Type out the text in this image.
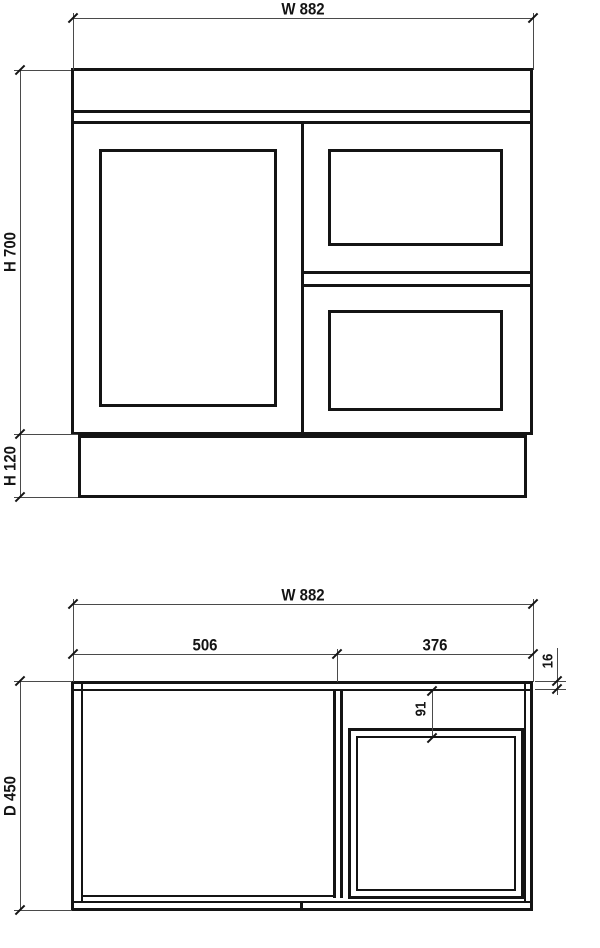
W 882
H 700
H 120
W 882
506	376
16
91
D 450
